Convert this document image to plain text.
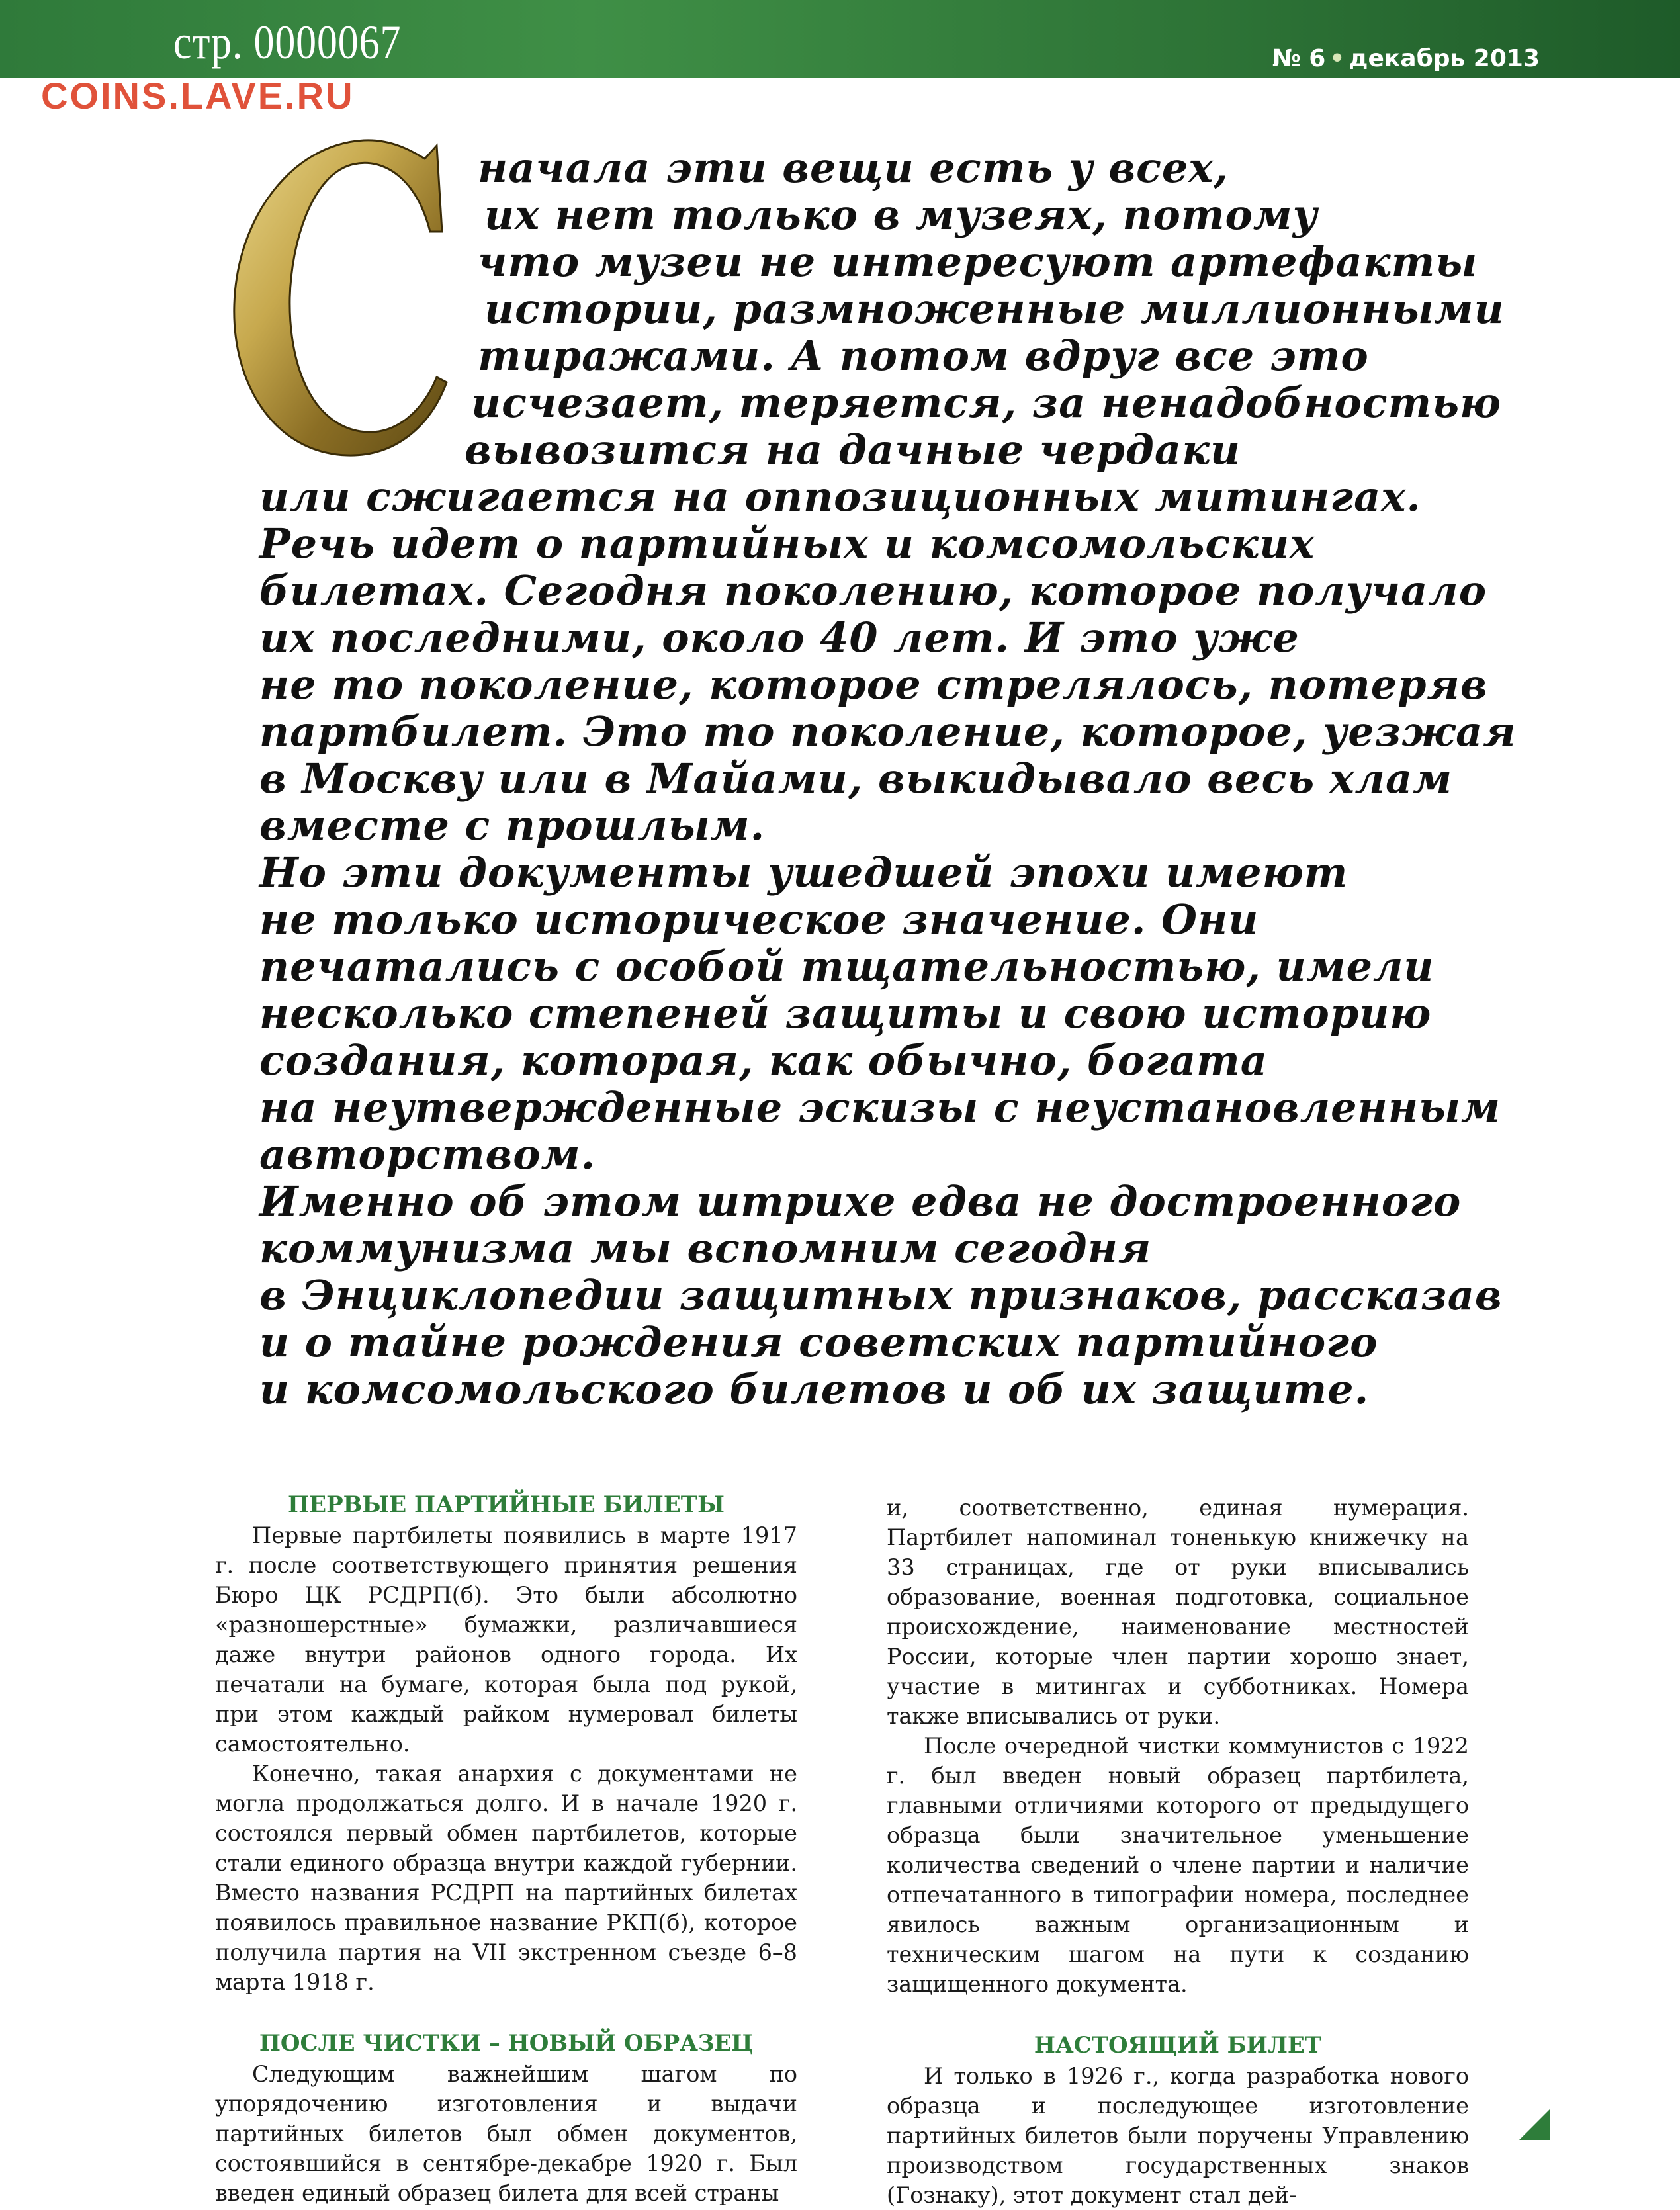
стр. 0000067
COINS.LAVE.RU
№ 6 • декабрь 2013
начала эти вещи есть у всех,
их нет только в музеях, потому
что музеи не интересуют артефакты
истории, размноженные миллионными
тиражами. А потом вдруг все это
исчезает, теряется, за ненадобностью
вывозится на дачные чердаки
или сжигается на оппозиционных митингах.
Речь идет о партийных и комсомольских
билетах. Сегодня поколению, которое получало
их последними, около 40 лет. И это уже
не то поколение, которое стрелялось, потеряв
партбилет. Это то поколение, которое, уезжая
в Москву или в Майами, выкидывало весь хлам
вместе с прошлым.
Но эти документы ушедшей эпохи имеют
не только историческое значение. Они
печатались с особой тщательностью, имели
несколько степеней защиты и свою историю
создания, которая, как обычно, богата
на неутвержденные эскизы с неустановленным
авторством.
Именно об этом штрихе едва не достроенного
коммунизма мы вспомним сегодня
в Энциклопедии защитных признаков, рассказав
и о тайне рождения советских партийного
и комсомольского билетов и об их защите.
ПЕРВЫЕ ПАРТИЙНЫЕ БИЛЕТЫ

Первые партбилеты появились в марте 1917 г. после соответствующего принятия решения Бюро ЦК РСДРП(б). Это были абсолютно «разношерстные» бумажки, различавшиеся даже внутри районов одного города. Их печатали на бумаге, которая была под рукой, при этом каждый райком нумеровал билеты самостоятельно.

Конечно, такая анархия с документами не могла продолжаться долго. И в начале 1920 г. состоялся первый обмен партбилетов, которые стали единого образца внутри каждой губернии. Вместо названия РСДРП на партийных билетах появилось правильное название РКП(б), которое получила партия на VII экстренном съезде 6–8 марта 1918 г.

ПОСЛЕ ЧИСТКИ – НОВЫЙ ОБРАЗЕЦ

Следующим важнейшим шагом по упорядочению изготовления и выдачи партийных билетов был обмен документов, состоявшийся в сентябре-декабре 1920 г. Был введен единый образец билета для всей страны

и, соответственно, единая нумерация. Партбилет напоминал тоненькую книжечку на 33 страницах, где от руки вписывались образование, военная подготовка, социальное происхождение, наименование местностей России, которые член партии хорошо знает, участие в митингах и субботниках. Номера также вписывались от руки.

После очередной чистки коммунистов с 1922 г. был введен новый образец партбилета, главными отличиями которого от предыдущего образца были значительное уменьшение количества сведений о члене партии и наличие отпечатанного в типографии номера, последнее явилось важным организационным и техническим шагом на пути к созданию защищенного документа.

НАСТОЯЩИЙ БИЛЕТ

И только в 1926 г., когда разработка нового образца и последующее изготовление партийных билетов были поручены Управлению производством государственных знаков (Гознаку), этот документ стал дей-
